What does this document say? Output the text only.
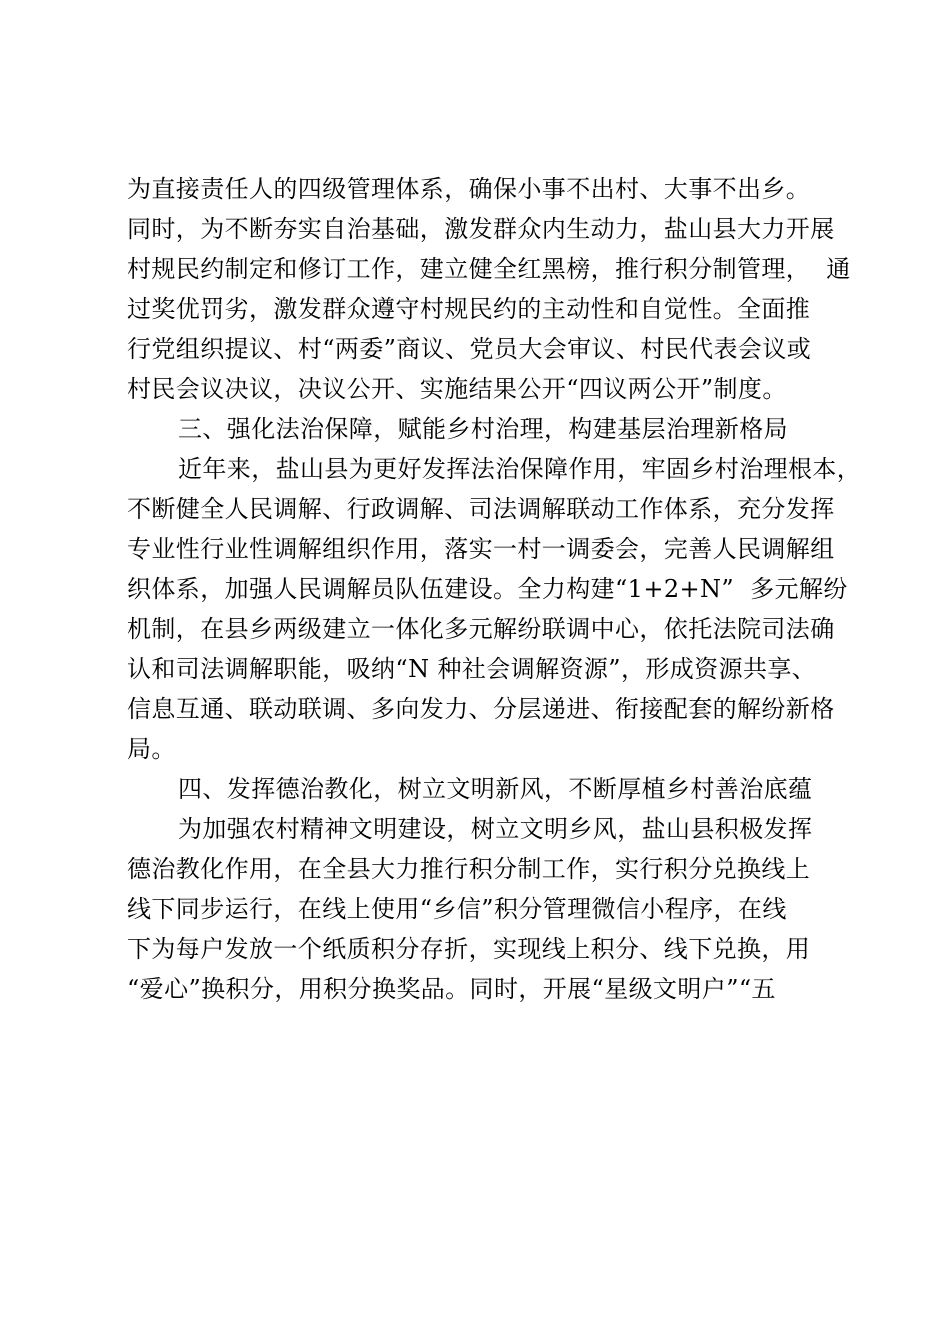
为直接责任人的四级管理体系，确保小事不出村、大事不出乡。
同时，为不断夯实自治基础，激发群众内生动力，盐山县大力开展
村规民约制定和修订工作，建立健全红黑榜，推行积分制管理，  通
过奖优罚劣，激发群众遵守村规民约的主动性和自觉性。全面推
行党组织提议、村“两委”商议、党员大会审议、村民代表会议或
村民会议决议，决议公开、实施结果公开“四议两公开”制度。
三、强化法治保障，赋能乡村治理，构建基层治理新格局
近年来，盐山县为更好发挥法治保障作用，牢固乡村治理根本，
不断健全人民调解、行政调解、司法调解联动工作体系，充分发挥
专业性行业性调解组织作用，落实一村一调委会，完善人民调解组
织体系，加强人民调解员队伍建设。全力构建“1+2+N”  多元解纷
机制，在县乡两级建立一体化多元解纷联调中心，依托法院司法确
认和司法调解职能，吸纳“N 种社会调解资源”，形成资源共享、
信息互通、联动联调、多向发力、分层递进、衔接配套的解纷新格
局。
四、发挥德治教化，树立文明新风，不断厚植乡村善治底蕴
为加强农村精神文明建设，树立文明乡风，盐山县积极发挥
德治教化作用，在全县大力推行积分制工作，实行积分兑换线上
线下同步运行，在线上使用“乡信”积分管理微信小程序，在线
下为每户发放一个纸质积分存折，实现线上积分、线下兑换，用
“爱心”换积分，用积分换奖品。同时，开展“星级文明户”“五
